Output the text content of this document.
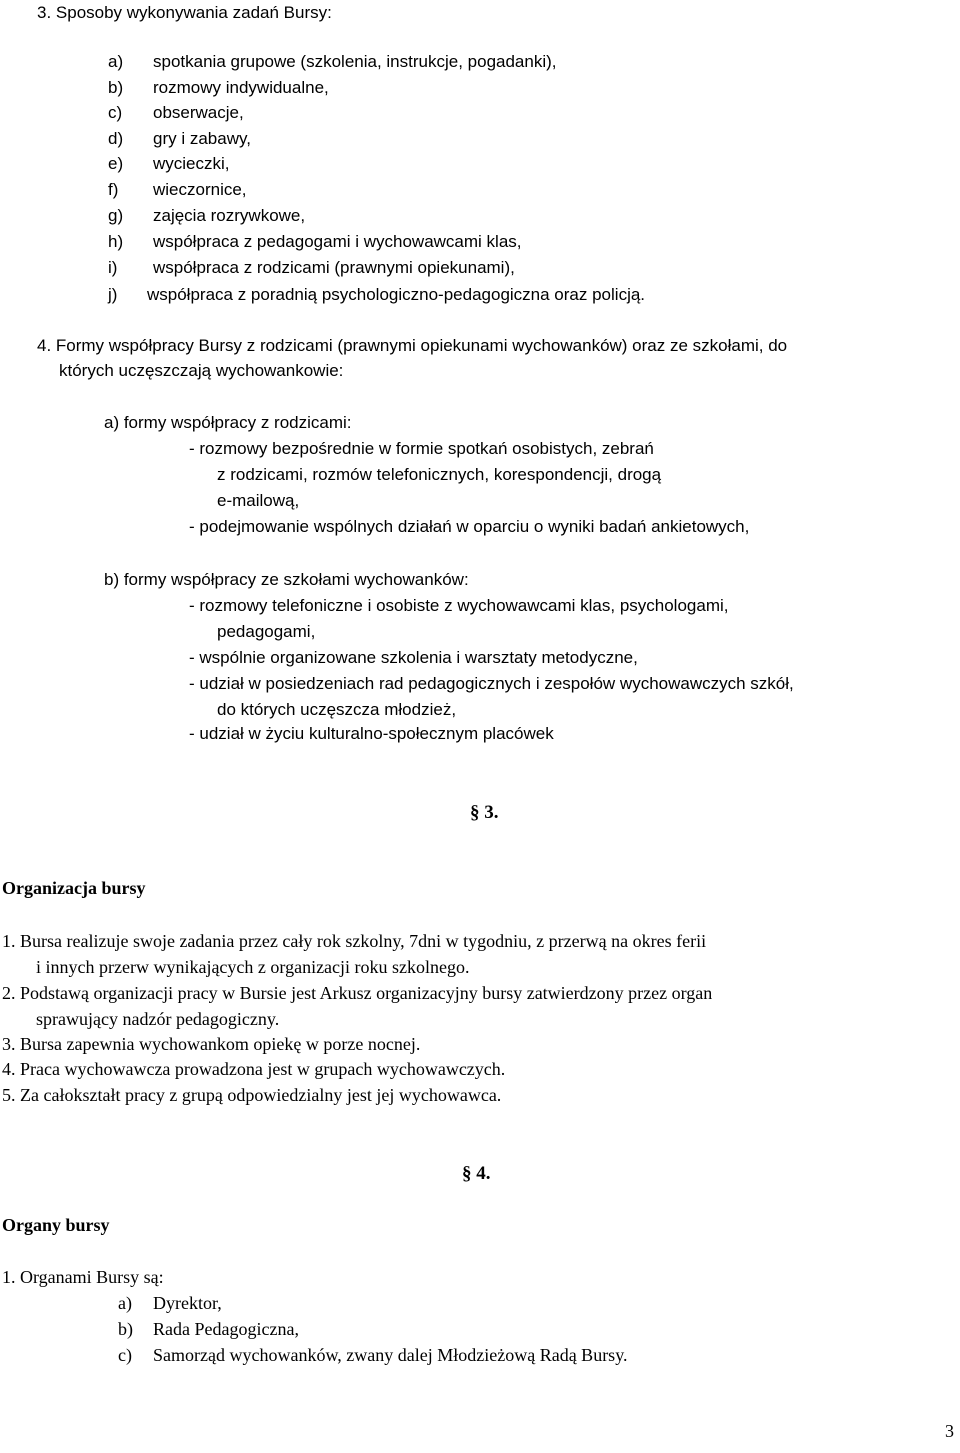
3. Sposoby wykonywania zadań Bursy:
a) spotkania grupowe (szkolenia, instrukcje, pogadanki),
b) rozmowy indywidualne,
c) obserwacje,
d) gry i zabawy,
e) wycieczki,
f) wieczornice,
g) zajęcia rozrywkowe,
h) współpraca z pedagogami i wychowawcami klas,
i) współpraca z rodzicami (prawnymi opiekunami),
j) współpraca z poradnią psychologiczno-pedagogiczna oraz policją.
4. Formy współpracy Bursy z rodzicami (prawnymi opiekunami wychowanków) oraz ze szkołami, do
których uczęszczają wychowankowie:
a) formy współpracy z rodzicami:
- rozmowy bezpośrednie w formie spotkań osobistych, zebrań
z rodzicami, rozmów telefonicznych, korespondencji, drogą
e-mailową,
- podejmowanie wspólnych działań w oparciu o wyniki badań ankietowych,
b) formy współpracy ze szkołami wychowanków:
- rozmowy telefoniczne i osobiste z wychowawcami klas, psychologami,
pedagogami,
- wspólnie organizowane szkolenia i warsztaty metodyczne,
- udział w posiedzeniach rad pedagogicznych i zespołów wychowawczych szkół,
do których uczęszcza młodzież,
- udział w życiu kulturalno-społecznym placówek
§ 3.
Organizacja bursy
1. Bursa realizuje swoje zadania przez cały rok szkolny, 7dni w tygodniu, z przerwą na okres ferii
i innych przerw wynikających z organizacji roku szkolnego.
2. Podstawą organizacji pracy w Bursie jest Arkusz organizacyjny bursy zatwierdzony przez organ
sprawujący nadzór pedagogiczny.
3. Bursa zapewnia wychowankom opiekę w porze nocnej.
4. Praca wychowawcza prowadzona jest w grupach wychowawczych.
5. Za całokształt pracy z grupą odpowiedzialny jest jej wychowawca.
§ 4.
Organy bursy
1. Organami Bursy są:
a) Dyrektor,
b) Rada Pedagogiczna,
c) Samorząd wychowanków, zwany dalej Młodzieżową Radą Bursy.
3
